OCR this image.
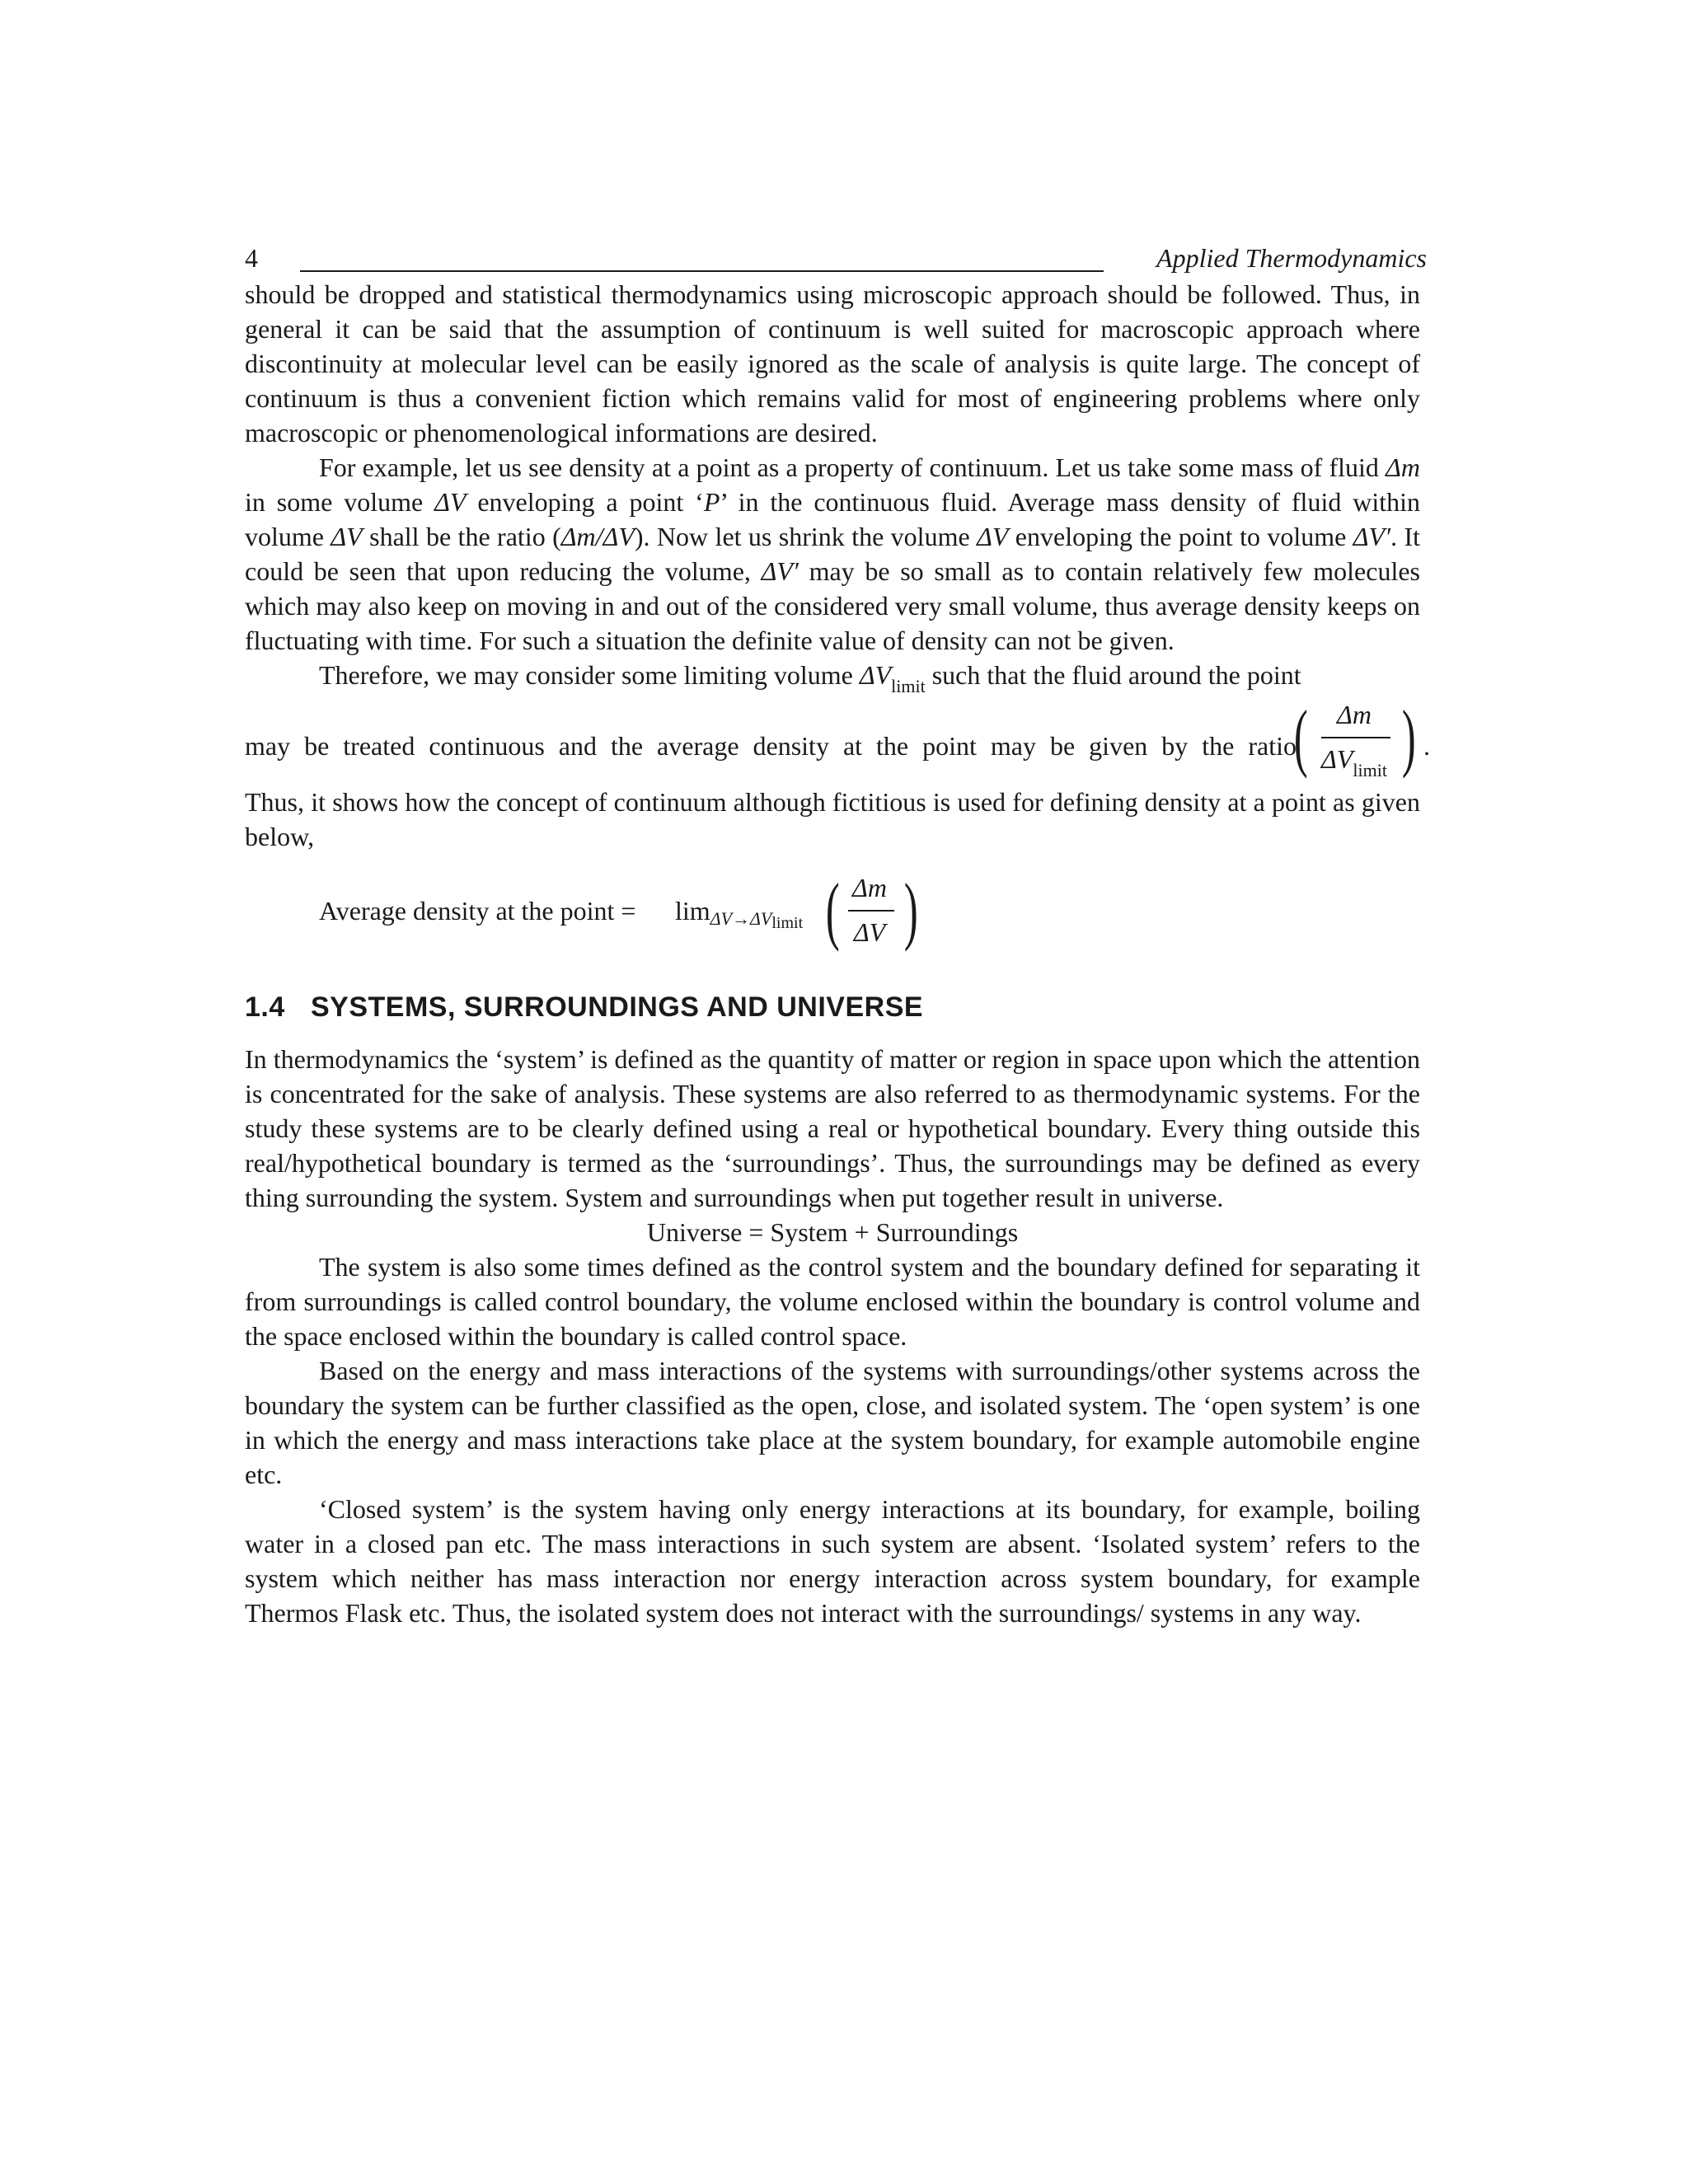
4	Applied Thermodynamics

should be dropped and statistical thermodynamics using microscopic approach should be followed. Thus, in general it can be said that the assumption of continuum is well suited for macroscopic approach where discontinuity at molecular level can be easily ignored as the scale of analysis is quite large. The concept of continuum is thus a convenient fiction which remains valid for most of engineering problems where only macroscopic or phenomenological informations are desired.

For example, let us see density at a point as a property of continuum. Let us take some mass of fluid Δm in some volume ΔV enveloping a point ‘P’ in the continuous fluid. Average mass density of fluid within volume ΔV shall be the ratio (Δm/ΔV). Now let us shrink the volume ΔV enveloping the point to volume ΔV′. It could be seen that upon reducing the volume, ΔV′ may be so small as to contain relatively few molecules which may also keep on moving in and out of the considered very small volume, thus average density keeps on fluctuating with time. For such a situation the definite value of density can not be given.

Therefore, we may consider some limiting volume $\Delta V_{limit}$ such that the fluid around the point

may be treated continuous and the average density at the point may be given by the ratio
(	Δm
$\Delta V_{limit}$ ) .

Thus, it shows how the concept of continuum although fictitious is used for defining density at a point as given below,

Average density at the point = $\lim\Delta V\to\Delta V_{limit}$ ( Δm
ΔV )
1.4 SYSTEMS, SURROUNDINGS AND UNIVERSE

In thermodynamics the ‘system’ is defined as the quantity of matter or region in space upon which the attention is concentrated for the sake of analysis. These systems are also referred to as thermodynamic systems. For the study these systems are to be clearly defined using a real or hypothetical boundary. Every thing outside this real/hypothetical boundary is termed as the ‘surroundings’. Thus, the surroundings may be defined as every thing surrounding the system. System and surroundings when put together result in universe.

Universe = System + Surroundings

The system is also some times defined as the control system and the boundary defined for separating it from surroundings is called control boundary, the volume enclosed within the boundary is control volume and the space enclosed within the boundary is called control space.

Based on the energy and mass interactions of the systems with surroundings/other systems across the boundary the system can be further classified as the open, close, and isolated system. The ‘open system’ is one in which the energy and mass interactions take place at the system boundary, for example automobile engine etc.

‘Closed system’ is the system having only energy interactions at its boundary, for example, boiling water in a closed pan etc. The mass interactions in such system are absent. ‘Isolated system’ refers to the system which neither has mass interaction nor energy interaction across system boundary, for example Thermos Flask etc. Thus, the isolated system does not interact with the surroundings/ systems in any way.
